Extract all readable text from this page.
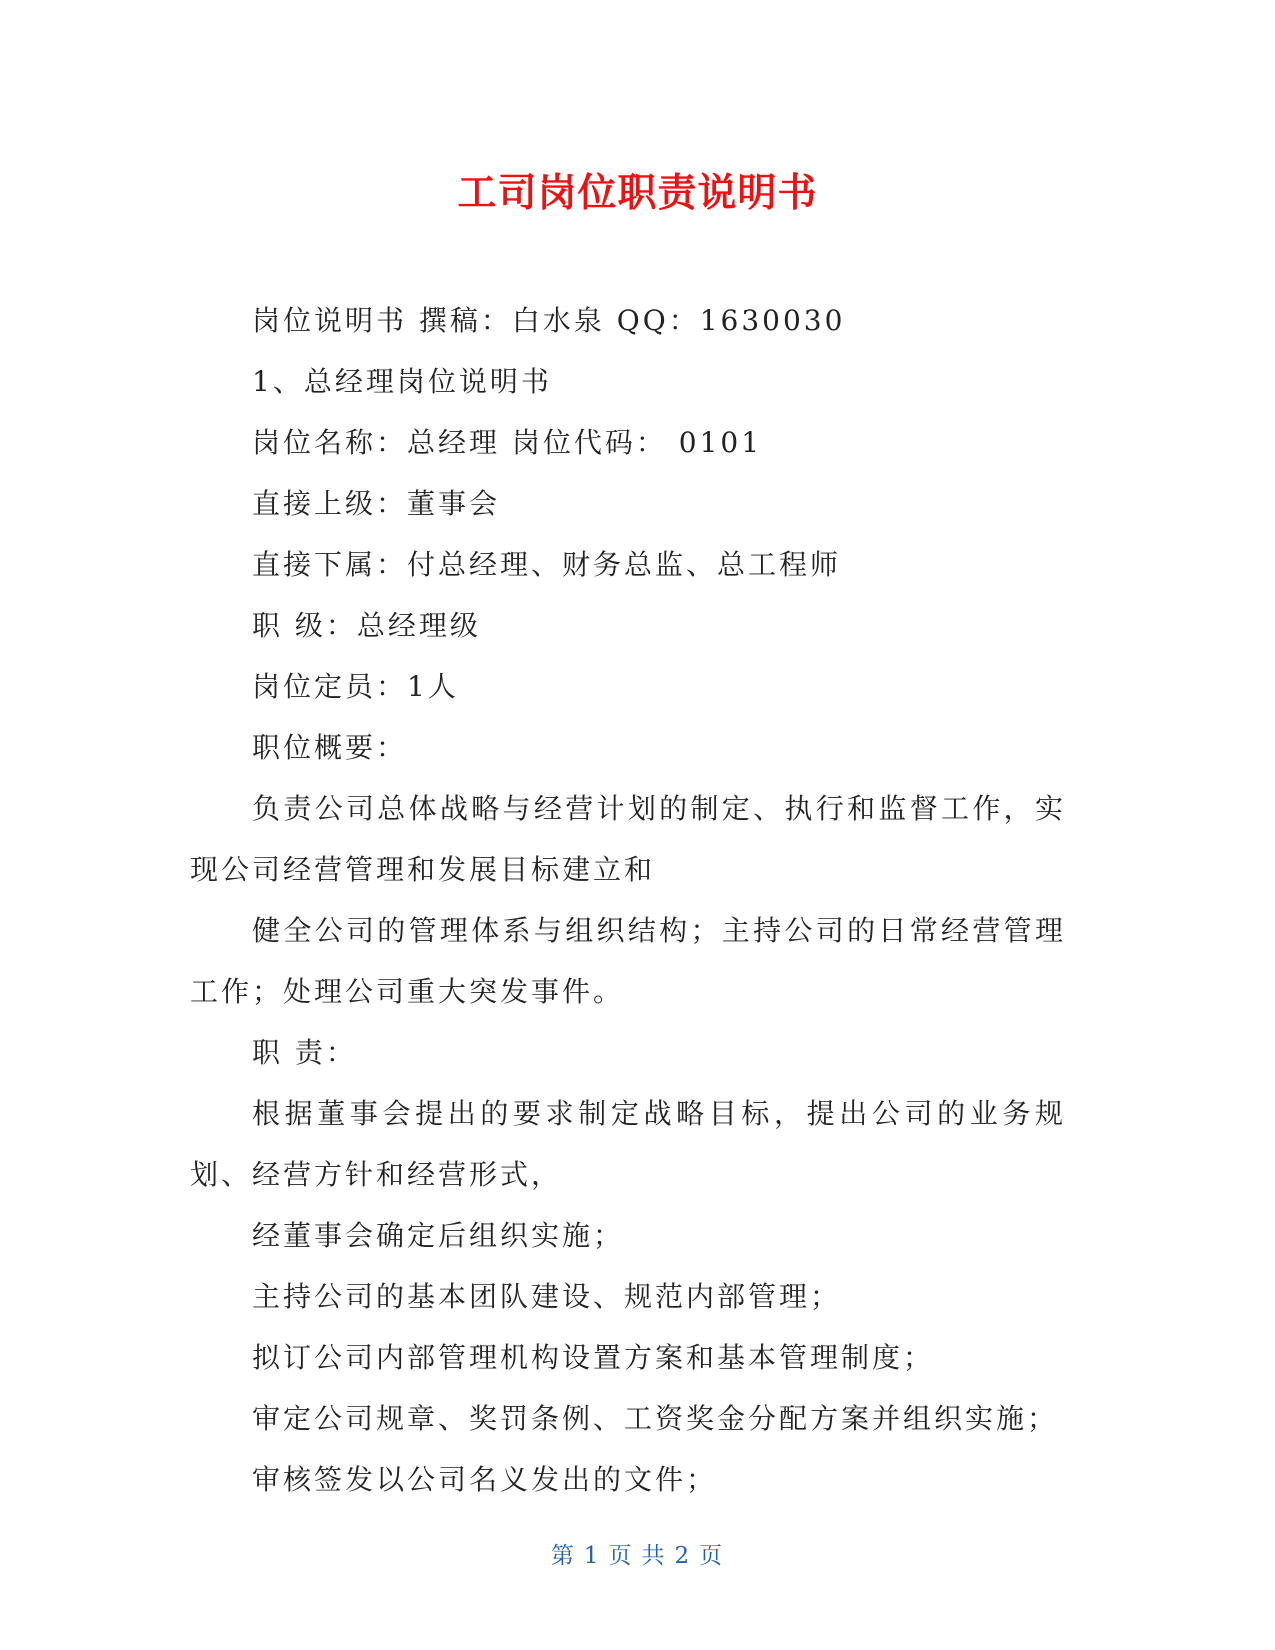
工司岗位职责说明书

岗位说明书 撰稿：白水泉 QQ：1630030

1、总经理岗位说明书

岗位名称：总经理 岗位代码： 0101

直接上级：董事会

直接下属：付总经理、财务总监、总工程师

职 级：总经理级

岗位定员：1人

职位概要：

负责公司总体战略与经营计划的制定、执行和监督工作，实现公司经营管理和发展目标建立和

健全公司的管理体系与组织结构；主持公司的日常经营管理工作；处理公司重大突发事件。

职 责：

根据董事会提出的要求制定战略目标，提出公司的业务规划、经营方针和经营形式，

经董事会确定后组织实施；

主持公司的基本团队建设、规范内部管理；

拟订公司内部管理机构设置方案和基本管理制度；

审定公司规章、奖罚条例、工资奖金分配方案并组织实施；

审核签发以公司名义发出的文件；

第 1 页 共 2 页
